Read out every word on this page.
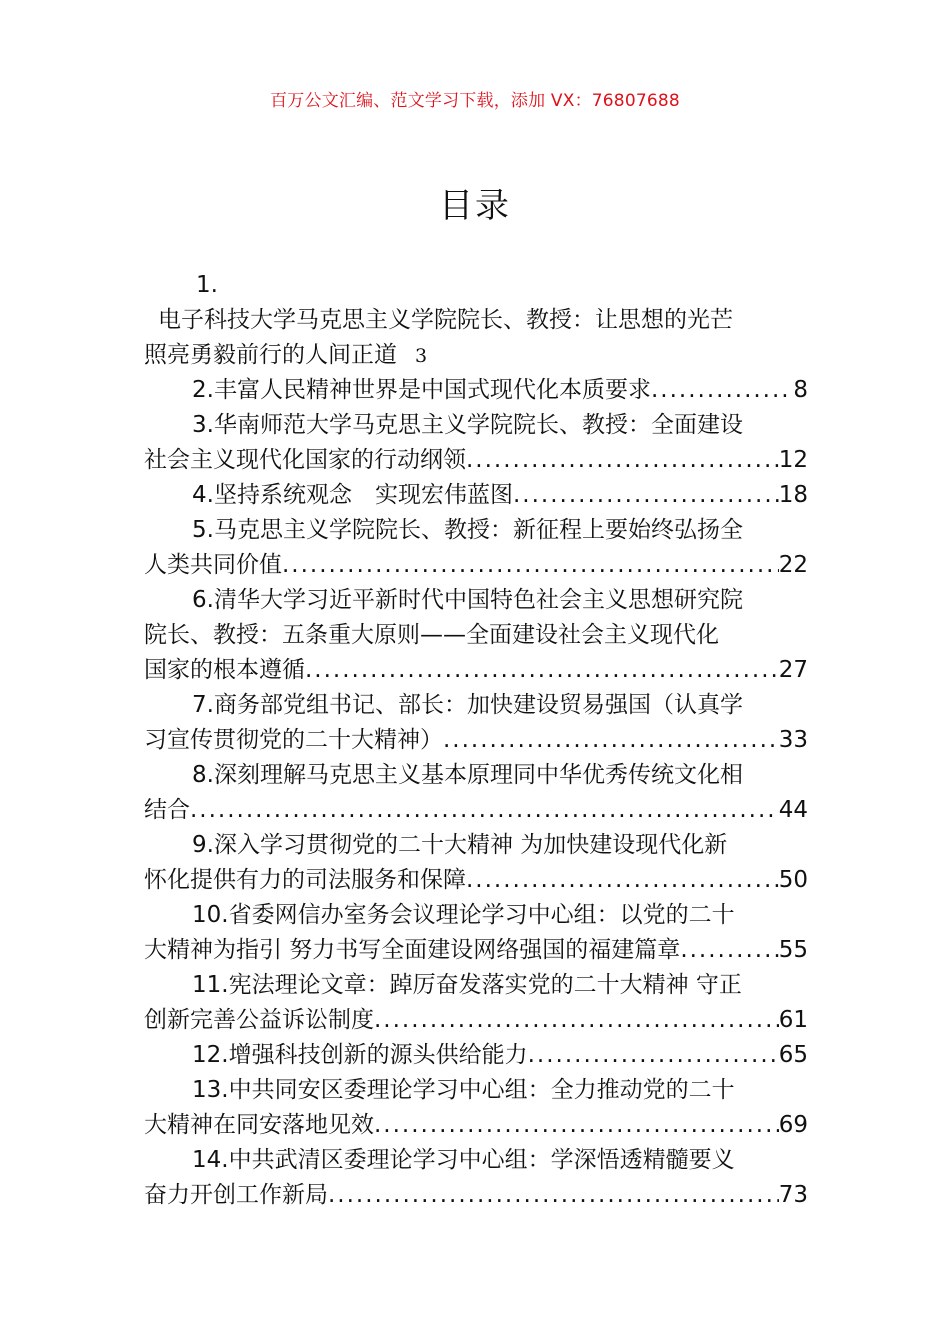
百万公文汇编、范文学习下载，添加 VX：76807688
目录
1.
电子科技大学马克思主义学院院长、教授：让思想的光芒
照亮勇毅前行的人间正道 3
2.丰富人民精神世界是中国式现代化本质要求 .....	8
3.华南师范大学马克思主义学院院长、教授：全面建设
社会主义现代化国家的行动纲领 .....	12
4.坚持系统观念　实现宏伟蓝图 .....	18
5.马克思主义学院院长、教授：新征程上要始终弘扬全
人类共同价值 .....	22
6.清华大学习近平新时代中国特色社会主义思想研究院
院长、教授：五条重大原则——全面建设社会主义现代化
国家的根本遵循 .....	27
7.商务部党组书记、部长：加快建设贸易强国（认真学
习宣传贯彻党的二十大精神） .....	33
8.深刻理解马克思主义基本原理同中华优秀传统文化相
结合 .....	44
9.深入学习贯彻党的二十大精神 为加快建设现代化新
怀化提供有力的司法服务和保障 .....	50
10.省委网信办室务会议理论学习中心组：以党的二十
大精神为指引 努力书写全面建设网络强国的福建篇章 .....	55
11.宪法理论文章：踔厉奋发落实党的二十大精神 守正
创新完善公益诉讼制度 .....	61
12.增强科技创新的源头供给能力 .....	65
13.中共同安区委理论学习中心组：全力推动党的二十
大精神在同安落地见效 .....	69
14.中共武清区委理论学习中心组：学深悟透精髓要义
奋力开创工作新局 .....	73
